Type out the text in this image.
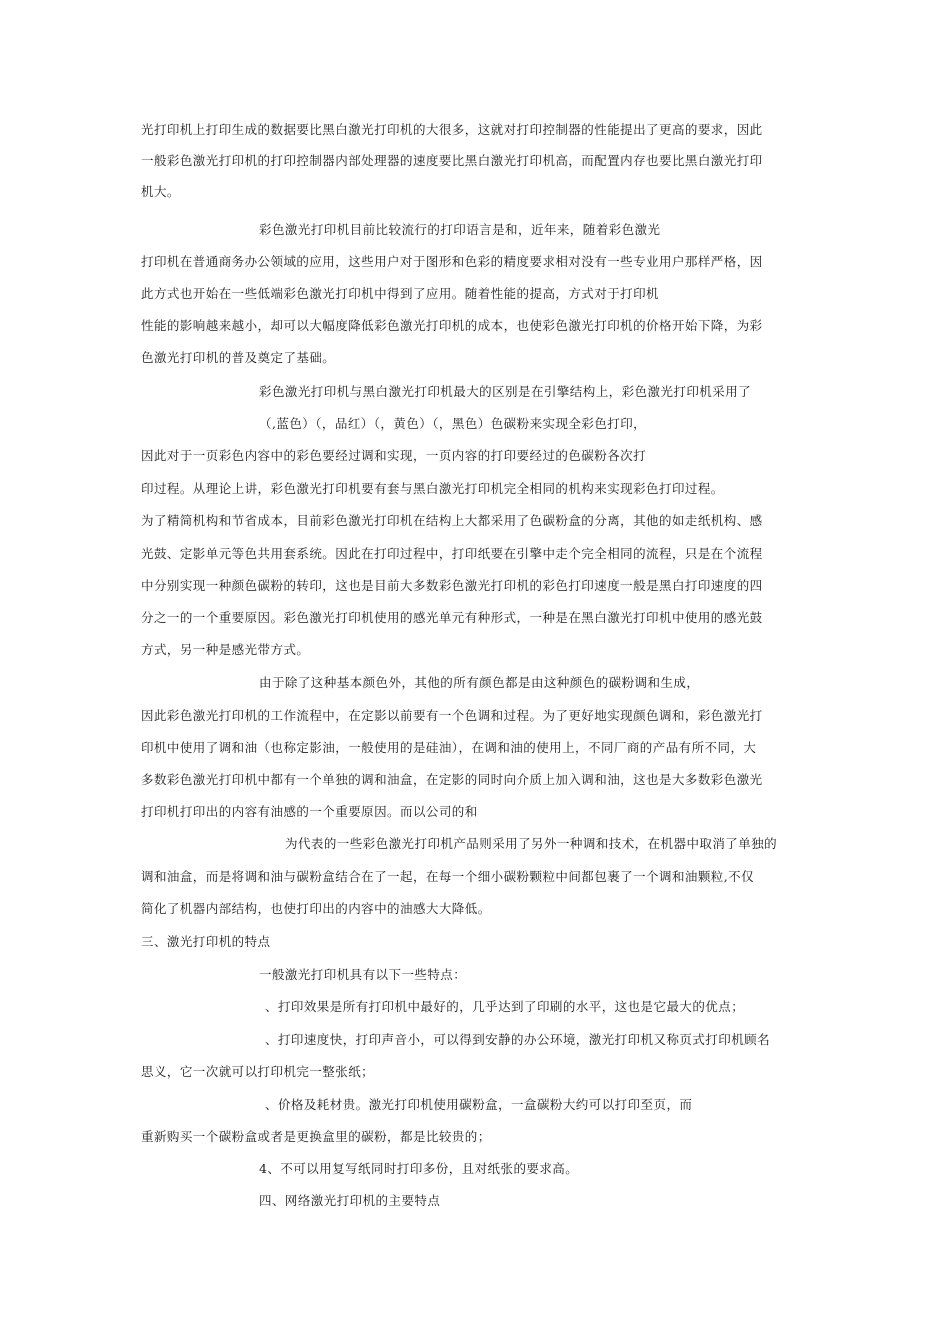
光打印机上打印生成的数据要比黑白激光打印机的大很多，这就对打印控制器的性能提出了更高的要求，因此
一般彩色激光打印机的打印控制器内部处理器的速度要比黑白激光打印机高，而配置内存也要比黑白激光打印
机大。
彩色激光打印机目前比较流行的打印语言是和，近年来，随着彩色激光
打印机在普通商务办公领域的应用，这些用户对于图形和色彩的精度要求相对没有一些专业用户那样严格，因
此方式也开始在一些低端彩色激光打印机中得到了应用。随着性能的提高，方式对于打印机
性能的影响越来越小，却可以大幅度降低彩色激光打印机的成本，也使彩色激光打印机的价格开始下降，为彩
色激光打印机的普及奠定了基础。
彩色激光打印机与黑白激光打印机最大的区别是在引擎结构上，彩色激光打印机采用了
（,蓝色）（，品红）（，黄色）（，黑色）色碳粉来实现全彩色打印，
因此对于一页彩色内容中的彩色要经过调和实现，一页内容的打印要经过的色碳粉各次打
印过程。从理论上讲，彩色激光打印机要有套与黑白激光打印机完全相同的机构来实现彩色打印过程。
为了精简机构和节省成本，目前彩色激光打印机在结构上大都采用了色碳粉盒的分离，其他的如走纸机构、感
光鼓、定影单元等色共用套系统。因此在打印过程中，打印纸要在引擎中走个完全相同的流程，只是在个流程
中分别实现一种颜色碳粉的转印，这也是目前大多数彩色激光打印机的彩色打印速度一般是黑白打印速度的四
分之一的一个重要原因。彩色激光打印机使用的感光单元有种形式，一种是在黑白激光打印机中使用的感光鼓
方式，另一种是感光带方式。
由于除了这种基本颜色外，其他的所有颜色都是由这种颜色的碳粉调和生成，
因此彩色激光打印机的工作流程中，在定影以前要有一个色调和过程。为了更好地实现颜色调和，彩色激光打
印机中使用了调和油（也称定影油，一般使用的是硅油），在调和油的使用上，不同厂商的产品有所不同，大
多数彩色激光打印机中都有一个单独的调和油盒，在定影的同时向介质上加入调和油，这也是大多数彩色激光
打印机打印出的内容有油感的一个重要原因。而以公司的和
为代表的一些彩色激光打印机产品则采用了另外一种调和技术，在机器中取消了单独的
调和油盒，而是将调和油与碳粉盒结合在了一起，在每一个细小碳粉颗粒中间都包裹了一个调和油颗粒,不仅
简化了机器内部结构，也使打印出的内容中的油感大大降低。
三、激光打印机的特点
一般激光打印机具有以下一些特点：
、打印效果是所有打印机中最好的，几乎达到了印刷的水平，这也是它最大的优点；
、打印速度快，打印声音小，可以得到安静的办公环境，激光打印机又称页式打印机顾名
思义，它一次就可以打印机完一整张纸；
、价格及耗材贵。激光打印机使用碳粉盒，一盒碳粉大约可以打印至页，而
重新购买一个碳粉盒或者是更换盒里的碳粉，都是比较贵的；
4、不可以用复写纸同时打印多份，且对纸张的要求高。
四、网络激光打印机的主要特点
